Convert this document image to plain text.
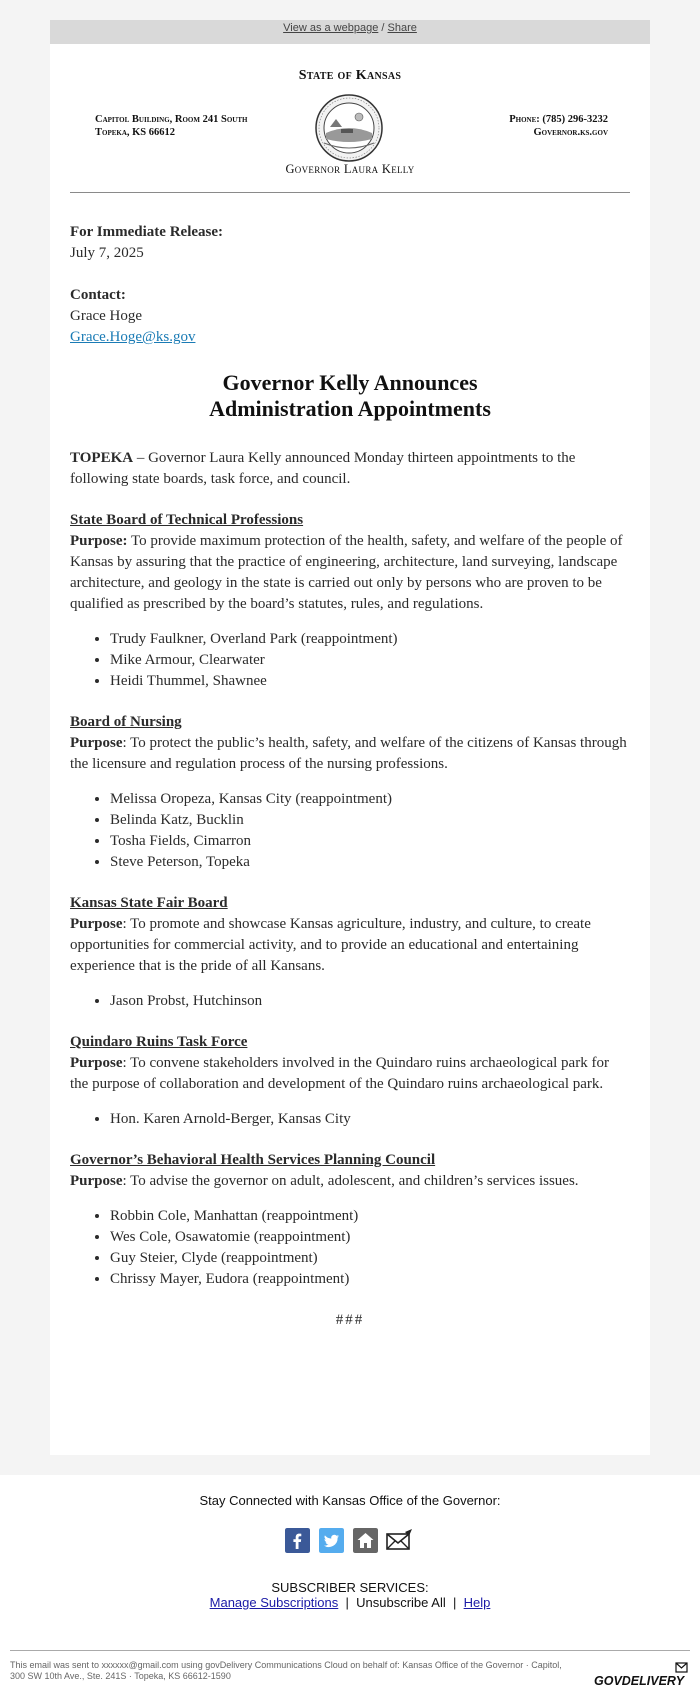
View as a webpage / Share
State of Kansas
Capitol Building, Room 241 South
Topeka, KS 66612
Phone: (785) 296-3232
Governor.ks.gov
Governor Laura Kelly

For Immediate Release:

July 7, 2025

Contact:

Grace Hoge

Grace.Hoge@ks.gov

Governor Kelly Announces
Administration Appointments

TOPEKA – Governor Laura Kelly announced Monday thirteen appointments to the following state boards, task force, and council.

State Board of Technical Professions

Purpose: To provide maximum protection of the health, safety, and welfare of the people of Kansas by assuring that the practice of engineering, architecture, land surveying, landscape architecture, and geology in the state is carried out only by persons who are proven to be qualified as prescribed by the board’s statutes, rules, and regulations.

• Trudy Faulkner, Overland Park (reappointment)
• Mike Armour, Clearwater
• Heidi Thummel, Shawnee

Board of Nursing

Purpose: To protect the public’s health, safety, and welfare of the citizens of Kansas through the licensure and regulation process of the nursing professions.

• Melissa Oropeza, Kansas City (reappointment)
• Belinda Katz, Bucklin
• Tosha Fields, Cimarron
• Steve Peterson, Topeka

Kansas State Fair Board

Purpose: To promote and showcase Kansas agriculture, industry, and culture, to create opportunities for commercial activity, and to provide an educational and entertaining experience that is the pride of all Kansans.

• Jason Probst, Hutchinson

Quindaro Ruins Task Force

Purpose: To convene stakeholders involved in the Quindaro ruins archaeological park for the purpose of collaboration and development of the Quindaro ruins archaeological park.

• Hon. Karen Arnold-Berger, Kansas City

Governor’s Behavioral Health Services Planning Council

Purpose: To advise the governor on adult, adolescent, and children’s services issues.

• Robbin Cole, Manhattan (reappointment)
• Wes Cole, Osawatomie (reappointment)
• Guy Steier, Clyde (reappointment)
• Chrissy Mayer, Eudora (reappointment)
###
Stay Connected with Kansas Office of the Governor:
SUBSCRIBER SERVICES:
Manage Subscriptions | Unsubscribe All | Help
This email was sent to xxxxxx@gmail.com using govDelivery Communications Cloud on behalf of: Kansas Office of the Governor · Capitol, 300 SW 10th Ave., Ste. 241S · Topeka, KS 66612-1590	GOVDELIVERY
